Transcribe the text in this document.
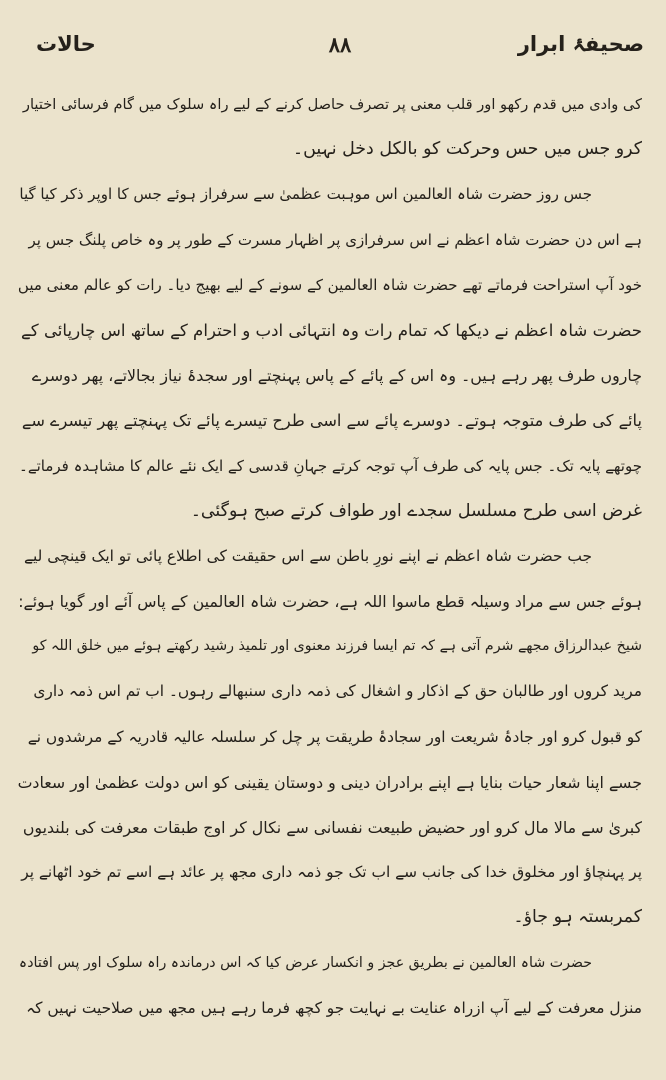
صحیفۂ ابرار
۸۸
حالات
کی وادی میں قدم رکھو اور قلب معنی پر تصرف حاصل کرنے کے لیے راہ سلوک میں گام فرسائی اختیار
کرو جس میں حس وحرکت کو بالکل دخل نہیں۔
جس روز حضرت شاہ العالمین اس موہبت عظمیٰ سے سرفراز ہوئے جس کا اوپر ذکر کیا گیا
ہے اس دن حضرت شاہ اعظم نے اس سرفرازی پر اظہار مسرت کے طور پر وہ خاص پلنگ جس پر
خود آپ استراحت فرماتے تھے حضرت شاہ العالمین کے سونے کے لیے بھیج دیا۔ رات کو عالم معنی میں
حضرت شاہ اعظم نے دیکھا کہ تمام رات وہ انتہائی ادب و احترام کے ساتھ اس چارپائی کے
چاروں طرف پھر رہے ہیں۔ وہ اس کے پائے کے پاس پہنچتے اور سجدۂ نیاز بجالاتے، پھر دوسرے
پائے کی طرف متوجہ ہوتے۔ دوسرے پائے سے اسی طرح تیسرے پائے تک پہنچتے پھر تیسرے سے
چوتھے پایہ تک۔ جس پایہ کی طرف آپ توجہ کرتے جہانِ قدسی کے ایک نئے عالم کا مشاہدہ فرماتے۔
غرض اسی طرح مسلسل سجدے اور طواف کرتے صبح ہوگئی۔
جب حضرت شاہ اعظم نے اپنے نورِ باطن سے اس حقیقت کی اطلاع پائی تو ایک قینچی لیے
ہوئے جس سے مراد وسیلہ قطع ماسوا اللہ ہے، حضرت شاہ العالمین کے پاس آئے اور گویا ہوئے:
شیخ عبدالرزاق مجھے شرم آتی ہے کہ تم ایسا فرزند معنوی اور تلمیذ رشید رکھتے ہوئے میں خلق اللہ کو
مرید کروں اور طالبان حق کے اذکار و اشغال کی ذمہ داری سنبھالے رہوں۔ اب تم اس ذمہ داری
کو قبول کرو اور جادۂ شریعت اور سجادۂ طریقت پر چل کر سلسلہ عالیہ قادریہ کے مرشدوں نے
جسے اپنا شعار حیات بنایا ہے اپنے برادران دینی و دوستان یقینی کو اس دولت عظمیٰ اور سعادت
کبریٰ سے مالا مال کرو اور حضیض طبیعت نفسانی سے نکال کر اوج طبقات معرفت کی بلندیوں
پر پہنچاؤ اور مخلوق خدا کی جانب سے اب تک جو ذمہ داری مجھ پر عائد ہے اسے تم خود اٹھانے پر
کمربستہ ہو جاؤ۔
حضرت شاہ العالمین نے بطریق عجز و انکسار عرض کیا کہ اس درماندہ راہ سلوک اور پس افتادہ
منزل معرفت کے لیے آپ ازراہ عنایت بے نہایت جو کچھ فرما رہے ہیں مجھ میں صلاحیت نہیں کہ
